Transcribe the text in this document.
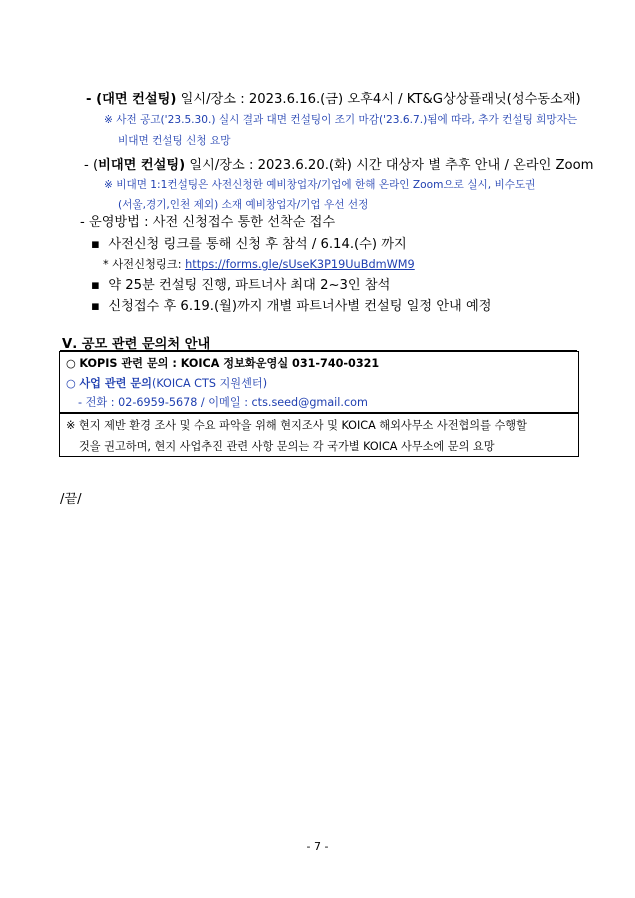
- (대면 컨설팅) 일시/장소 : 2023.6.16.(금) 오후4시 / KT&G상상플래닛(성수동소재)
※ 사전 공고('23.5.30.) 실시 결과 대면 컨설팅이 조기 마감('23.6.7.)됨에 따라, 추가 컨설팅 희망자는
비대면 컨설팅 신청 요망
- (비대면 컨설팅) 일시/장소 : 2023.6.20.(화) 시간 대상자 별 추후 안내 / 온라인 Zoom
※ 비대면 1:1컨설팅은 사전신청한 예비창업자/기업에 한해 온라인 Zoom으로 실시, 비수도권
(서울,경기,인천 제외) 소재 예비창업자/기업 우선 선정
- 운영방법 : 사전 신청접수 통한 선착순 접수
▪ 사전신청 링크를 통해 신청 후 참석 / 6.14.(수) 까지
* 사전신청링크: https://forms.gle/sUseK3P19UuBdmWM9
▪ 약 25분 컨설팅 진행, 파트너사 최대 2~3인 참석
▪ 신청접수 후 6.19.(월)까지 개별 파트너사별 컨설팅 일정 안내 예정
Ⅴ. 공모 관련 문의처 안내
○ KOPIS 관련 문의 : KOICA 정보화운영실 031-740-0321
○ 사업 관련 문의(KOICA CTS 지원센터)
- 전화 : 02-6959-5678 / 이메일 : cts.seed@gmail.com
※ 현지 제반 환경 조사 및 수요 파악을 위해 현지조사 및 KOICA 해외사무소 사전협의를 수행할
것을 권고하며, 현지 사업추진 관련 사항 문의는 각 국가별 KOICA 사무소에 문의 요망
/끝/
- 7 -
